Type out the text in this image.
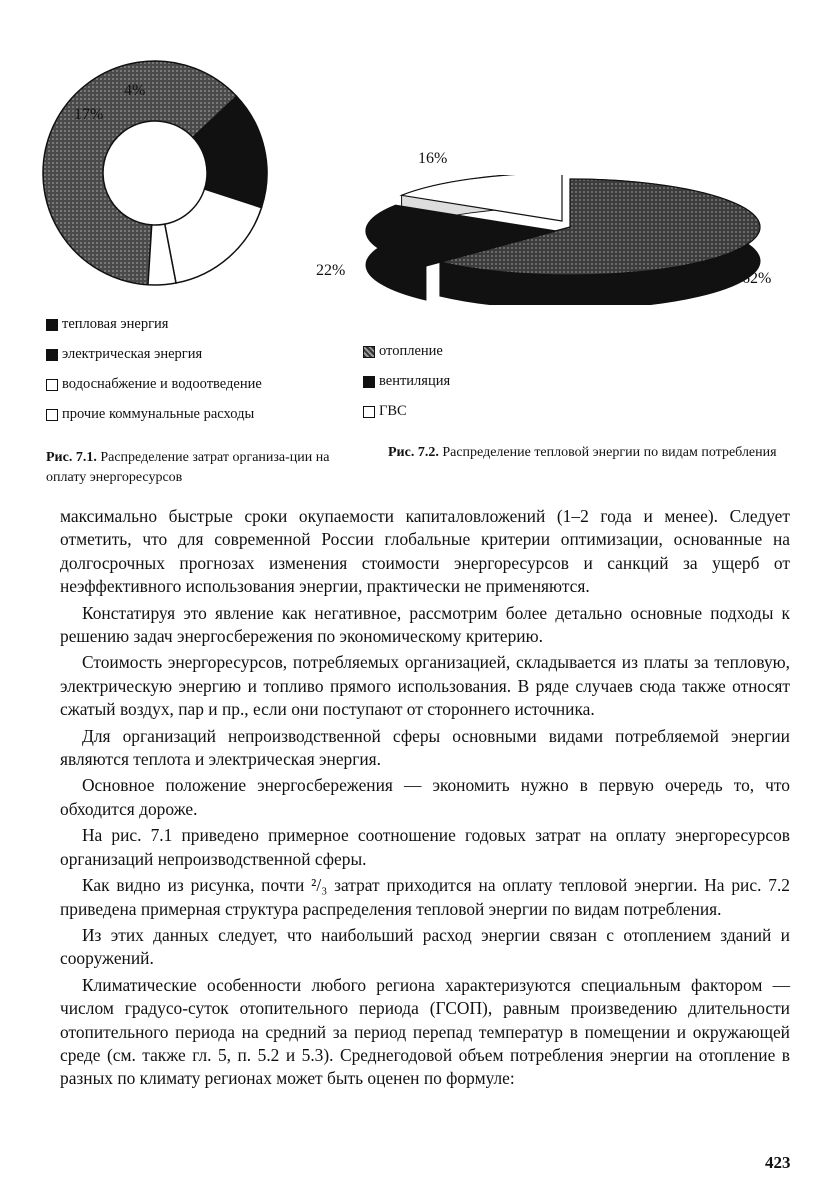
17%
4%
16%
22%	62%
тепловая энергия
электрическая энергия
водоснабжение и водоотведение
прочие коммунальные расходы
отопление
вентиляция
ГВС
Рис. 7.1. Распределение затрат организа-ции на оплату энергоресурсов
Рис. 7.2. Распределение тепловой энергии по видам потребления

максимально быстрые сроки окупаемости капиталовложений (1–2 года и менее). Следует отметить, что для современной России глобальные критерии оптимизации, основанные на долгосрочных прогнозах изменения стоимости энергоресурсов и санкций за ущерб от неэффективного использования энергии, практически не применяются.

Констатируя это явление как негативное, рассмотрим более детально основные подходы к решению задач энергосбережения по экономическому критерию.

Стоимость энергоресурсов, потребляемых организацией, складывается из платы за тепловую, электрическую энергию и топливо прямого использования. В ряде случаев сюда также относят сжатый воздух, пар и пр., если они поступают от стороннего источника.

Для организаций непроизводственной сферы основными видами потребляемой энергии являются теплота и электрическая энергия.

Основное положение энергосбережения — экономить нужно в первую очередь то, что обходится дороже.

На рис. 7.1 приведено примерное соотношение годовых затрат на оплату энергоресурсов организаций непроизводственной сферы.

Как видно из рисунка, почти ²/₃ затрат приходится на оплату тепловой энергии. На рис. 7.2 приведена примерная структура распределения тепловой энергии по видам потребления.

Из этих данных следует, что наибольший расход энергии связан с отоплением зданий и сооружений.

Климатические особенности любого региона характеризуются специальным фактором — числом градусо-суток отопительного периода (ГСОП), равным произведению длительности отопительного периода на средний за период перепад температур в помещении и окружающей среде (см. также гл. 5, п. 5.2 и 5.3). Среднегодовой объем потребления энергии на отопление в разных по климату регионах может быть оценен по формуле:

423
